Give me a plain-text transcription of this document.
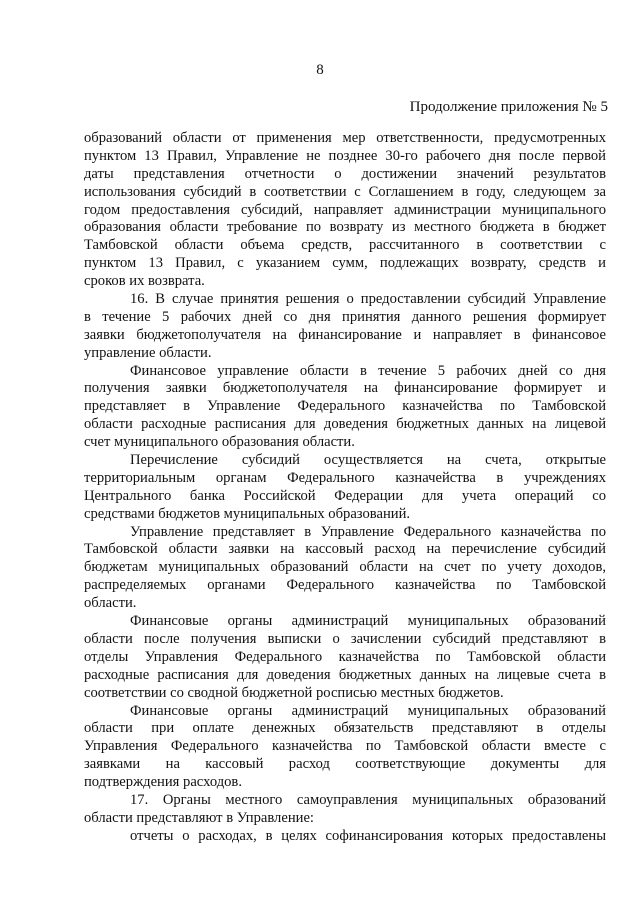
8
Продолжение приложения № 5
образований области от применения мер ответственности, предусмотренных
пунктом 13 Правил, Управление не позднее 30-го рабочего дня после первой
даты представления отчетности о достижении значений результатов
использования субсидий в соответствии с Соглашением в году, следующем за
годом предоставления субсидий, направляет администрации муниципального
образования области требование по возврату из местного бюджета в бюджет
Тамбовской области объема средств, рассчитанного в соответствии с
пунктом 13 Правил, с указанием сумм, подлежащих возврату, средств и
сроков их возврата.
16. В случае принятия решения о предоставлении субсидий Управление
в течение 5 рабочих дней со дня принятия данного решения формирует
заявки бюджетополучателя на финансирование и направляет в финансовое
управление области.
Финансовое управление области в течение 5 рабочих дней со дня
получения заявки бюджетополучателя на финансирование формирует и
представляет в Управление Федерального казначейства по Тамбовской
области расходные расписания для доведения бюджетных данных на лицевой
счет муниципального образования области.
Перечисление субсидий осуществляется на счета, открытые
территориальным органам Федерального казначейства в учреждениях
Центрального банка Российской Федерации для учета операций со
средствами бюджетов муниципальных образований.
Управление представляет в Управление Федерального казначейства по
Тамбовской области заявки на кассовый расход на перечисление субсидий
бюджетам муниципальных образований области на счет по учету доходов,
распределяемых органами Федерального казначейства по Тамбовской
области.
Финансовые органы администраций муниципальных образований
области после получения выписки о зачислении субсидий представляют в
отделы Управления Федерального казначейства по Тамбовской области
расходные расписания для доведения бюджетных данных на лицевые счета в
соответствии со сводной бюджетной росписью местных бюджетов.
Финансовые органы администраций муниципальных образований
области при оплате денежных обязательств представляют в отделы
Управления Федерального казначейства по Тамбовской области вместе с
заявками на кассовый расход соответствующие документы для
подтверждения расходов.
17. Органы местного самоуправления муниципальных образований
области представляют в Управление:
отчеты о расходах, в целях софинансирования которых предоставлены
